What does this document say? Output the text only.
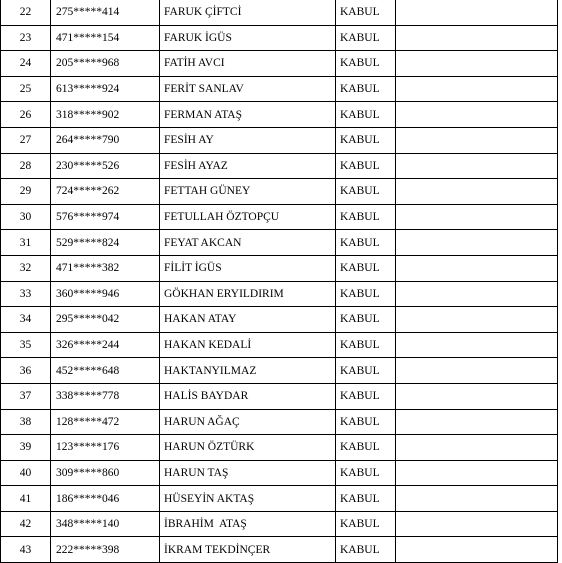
22	275*****414	FARUK ÇİFTCİ	KABUL	
23	471*****154	FARUK İGÜS	KABUL	
24	205*****968	FATİH AVCI	KABUL	
25	613*****924	FERİT SANLAV	KABUL	
26	318*****902	FERMAN ATAŞ	KABUL	
27	264*****790	FESİH AY	KABUL	
28	230*****526	FESİH AYAZ	KABUL	
29	724*****262	FETTAH GÜNEY	KABUL	
30	576*****974	FETULLAH ÖZTOPÇU	KABUL	
31	529*****824	FEYAT AKCAN	KABUL	
32	471*****382	FİLİT İGÜS	KABUL	
33	360*****946	GÖKHAN ERYILDIRIM	KABUL	
34	295*****042	HAKAN ATAY	KABUL	
35	326*****244	HAKAN KEDALİ	KABUL	
36	452*****648	HAKTANYILMAZ	KABUL	
37	338*****778	HALİS BAYDAR	KABUL	
38	128*****472	HARUN AĞAÇ	KABUL	
39	123*****176	HARUN ÖZTÜRK	KABUL	
40	309*****860	HARUN TAŞ	KABUL	
41	186*****046	HÜSEYİN AKTAŞ	KABUL	
42	348*****140	İBRAHİM  ATAŞ	KABUL	
43	222*****398	İKRAM TEKDİNÇER	KABUL	
